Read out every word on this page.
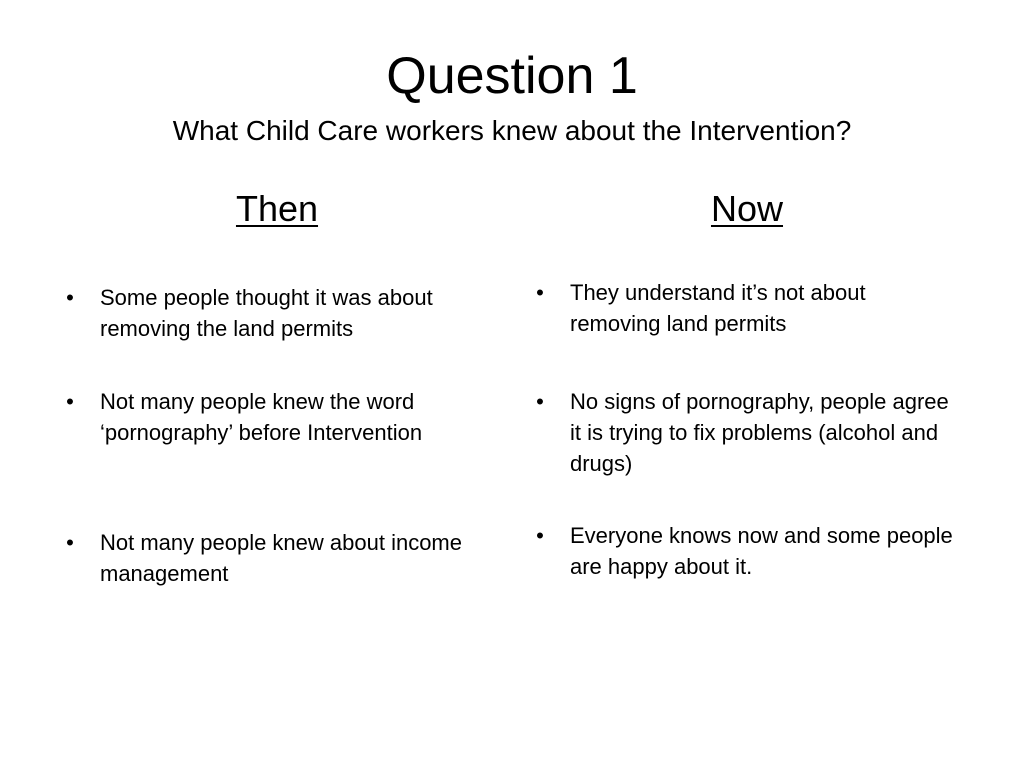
Question 1
What Child Care workers knew about the Intervention?
Then	Now
• Some people thought it was about removing the land permits
• Not many people knew the word ‘pornography’ before Intervention
• Not many people knew about income management
• They understand it’s not about removing land permits
• No signs of pornography, people agree it is trying to fix problems (alcohol and drugs)
• Everyone knows now and some people are happy about it.
